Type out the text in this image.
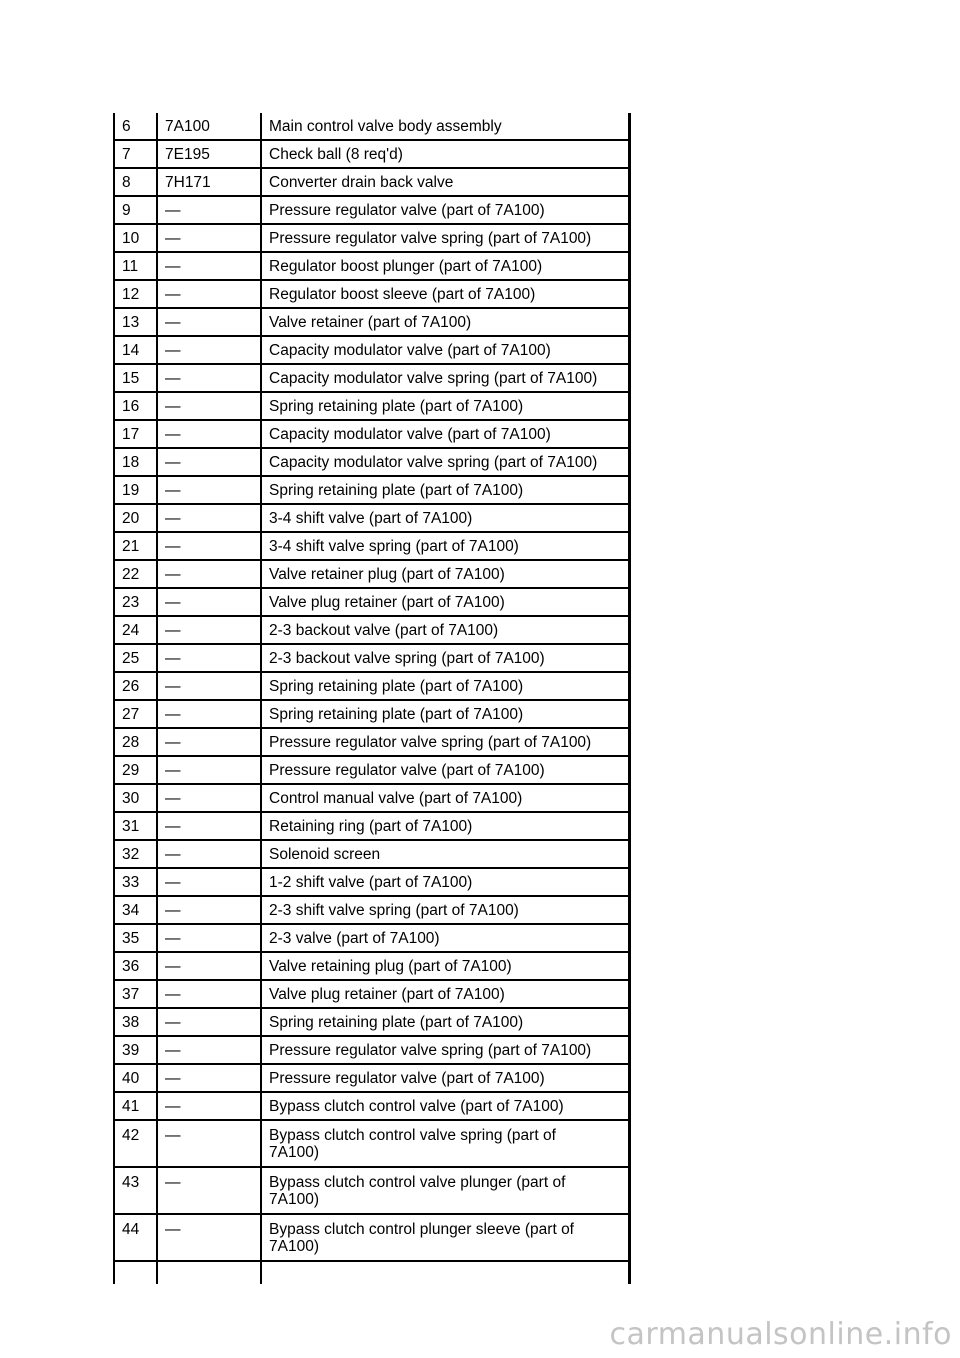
6	7A100	Main control valve body assembly
7	7E195	Check ball (8 req'd)
8	7H171	Converter drain back valve
9	—	Pressure regulator valve (part of 7A100)
10	—	Pressure regulator valve spring (part of 7A100)
11	—	Regulator boost plunger (part of 7A100)
12	—	Regulator boost sleeve (part of 7A100)
13	—	Valve retainer (part of 7A100)
14	—	Capacity modulator valve (part of 7A100)
15	—	Capacity modulator valve spring (part of 7A100)
16	—	Spring retaining plate (part of 7A100)
17	—	Capacity modulator valve (part of 7A100)
18	—	Capacity modulator valve spring (part of 7A100)
19	—	Spring retaining plate (part of 7A100)
20	—	3-4 shift valve (part of 7A100)
21	—	3-4 shift valve spring (part of 7A100)
22	—	Valve retainer plug (part of 7A100)
23	—	Valve plug retainer (part of 7A100)
24	—	2-3 backout valve (part of 7A100)
25	—	2-3 backout valve spring (part of 7A100)
26	—	Spring retaining plate (part of 7A100)
27	—	Spring retaining plate (part of 7A100)
28	—	Pressure regulator valve spring (part of 7A100)
29	—	Pressure regulator valve (part of 7A100)
30	—	Control manual valve (part of 7A100)
31	—	Retaining ring (part of 7A100)
32	—	Solenoid screen
33	—	1-2 shift valve (part of 7A100)
34	—	2-3 shift valve spring (part of 7A100)
35	—	2-3 valve (part of 7A100)
36	—	Valve retaining plug (part of 7A100)
37	—	Valve plug retainer (part of 7A100)
38	—	Spring retaining plate (part of 7A100)
39	—	Pressure regulator valve spring (part of 7A100)
40	—	Pressure regulator valve (part of 7A100)
41	—	Bypass clutch control valve (part of 7A100)
42	—	Bypass clutch control valve spring (part of 7A100)
43	—	Bypass clutch control valve plunger (part of 7A100)
44	—	Bypass clutch control plunger sleeve (part of 7A100)
carmanualsonline.info
